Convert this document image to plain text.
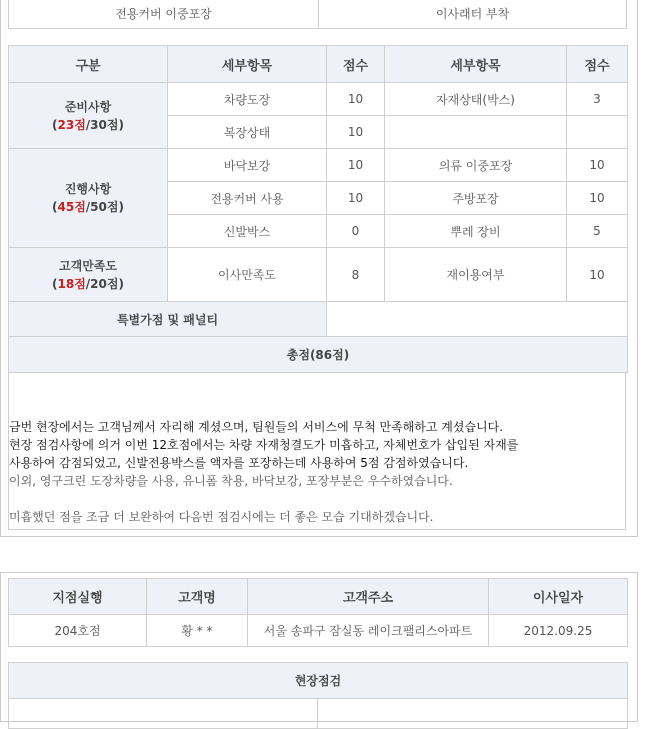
전용커버 이중포장	이사래터 부착
구분	세부항목	점수	세부항목	점수

준비사항
(23점/30점)	차량도장	10	자재상태(박스)	3
	복장상태	10		

진행사항
(45점/50점)	바닥보강	10	의류 이중포장	10
	전용커버 사용	10	주방포장	10
	신발박스	0	뿌레 장비	5

고객만족도
(18점/20점)	이사만족도	8	재이용여부	10
특별가점 및 패널티				
총점(86점)				

금번 현장에서는 고객님께서 자리해 계셨으며, 팀원들의 서비스에 무척 만족해하고 계셨습니다.

현장 점검사항에 의거 이번 12호점에서는 차량 자재청결도가 미흡하고, 자체번호가 삽입된 자재를

사용하여 감점되었고, 신발전용박스를 액자를 포장하는데 사용하여 5점 감점하였습니다.

이외, 영구크린 도장차량을 사용, 유니폼 착용, 바닥보강, 포장부분은 우수하였습니다.

미흡했던 점을 조금 더 보완하여 다음번 점검시에는 더 좋은 모습 기대하겠습니다.

지점실행	고객명	고객주소	이사일자
204호점	황 * *	서울 송파구 잠실동 레이크팰리스아파트	2012.09.25
현장점검
